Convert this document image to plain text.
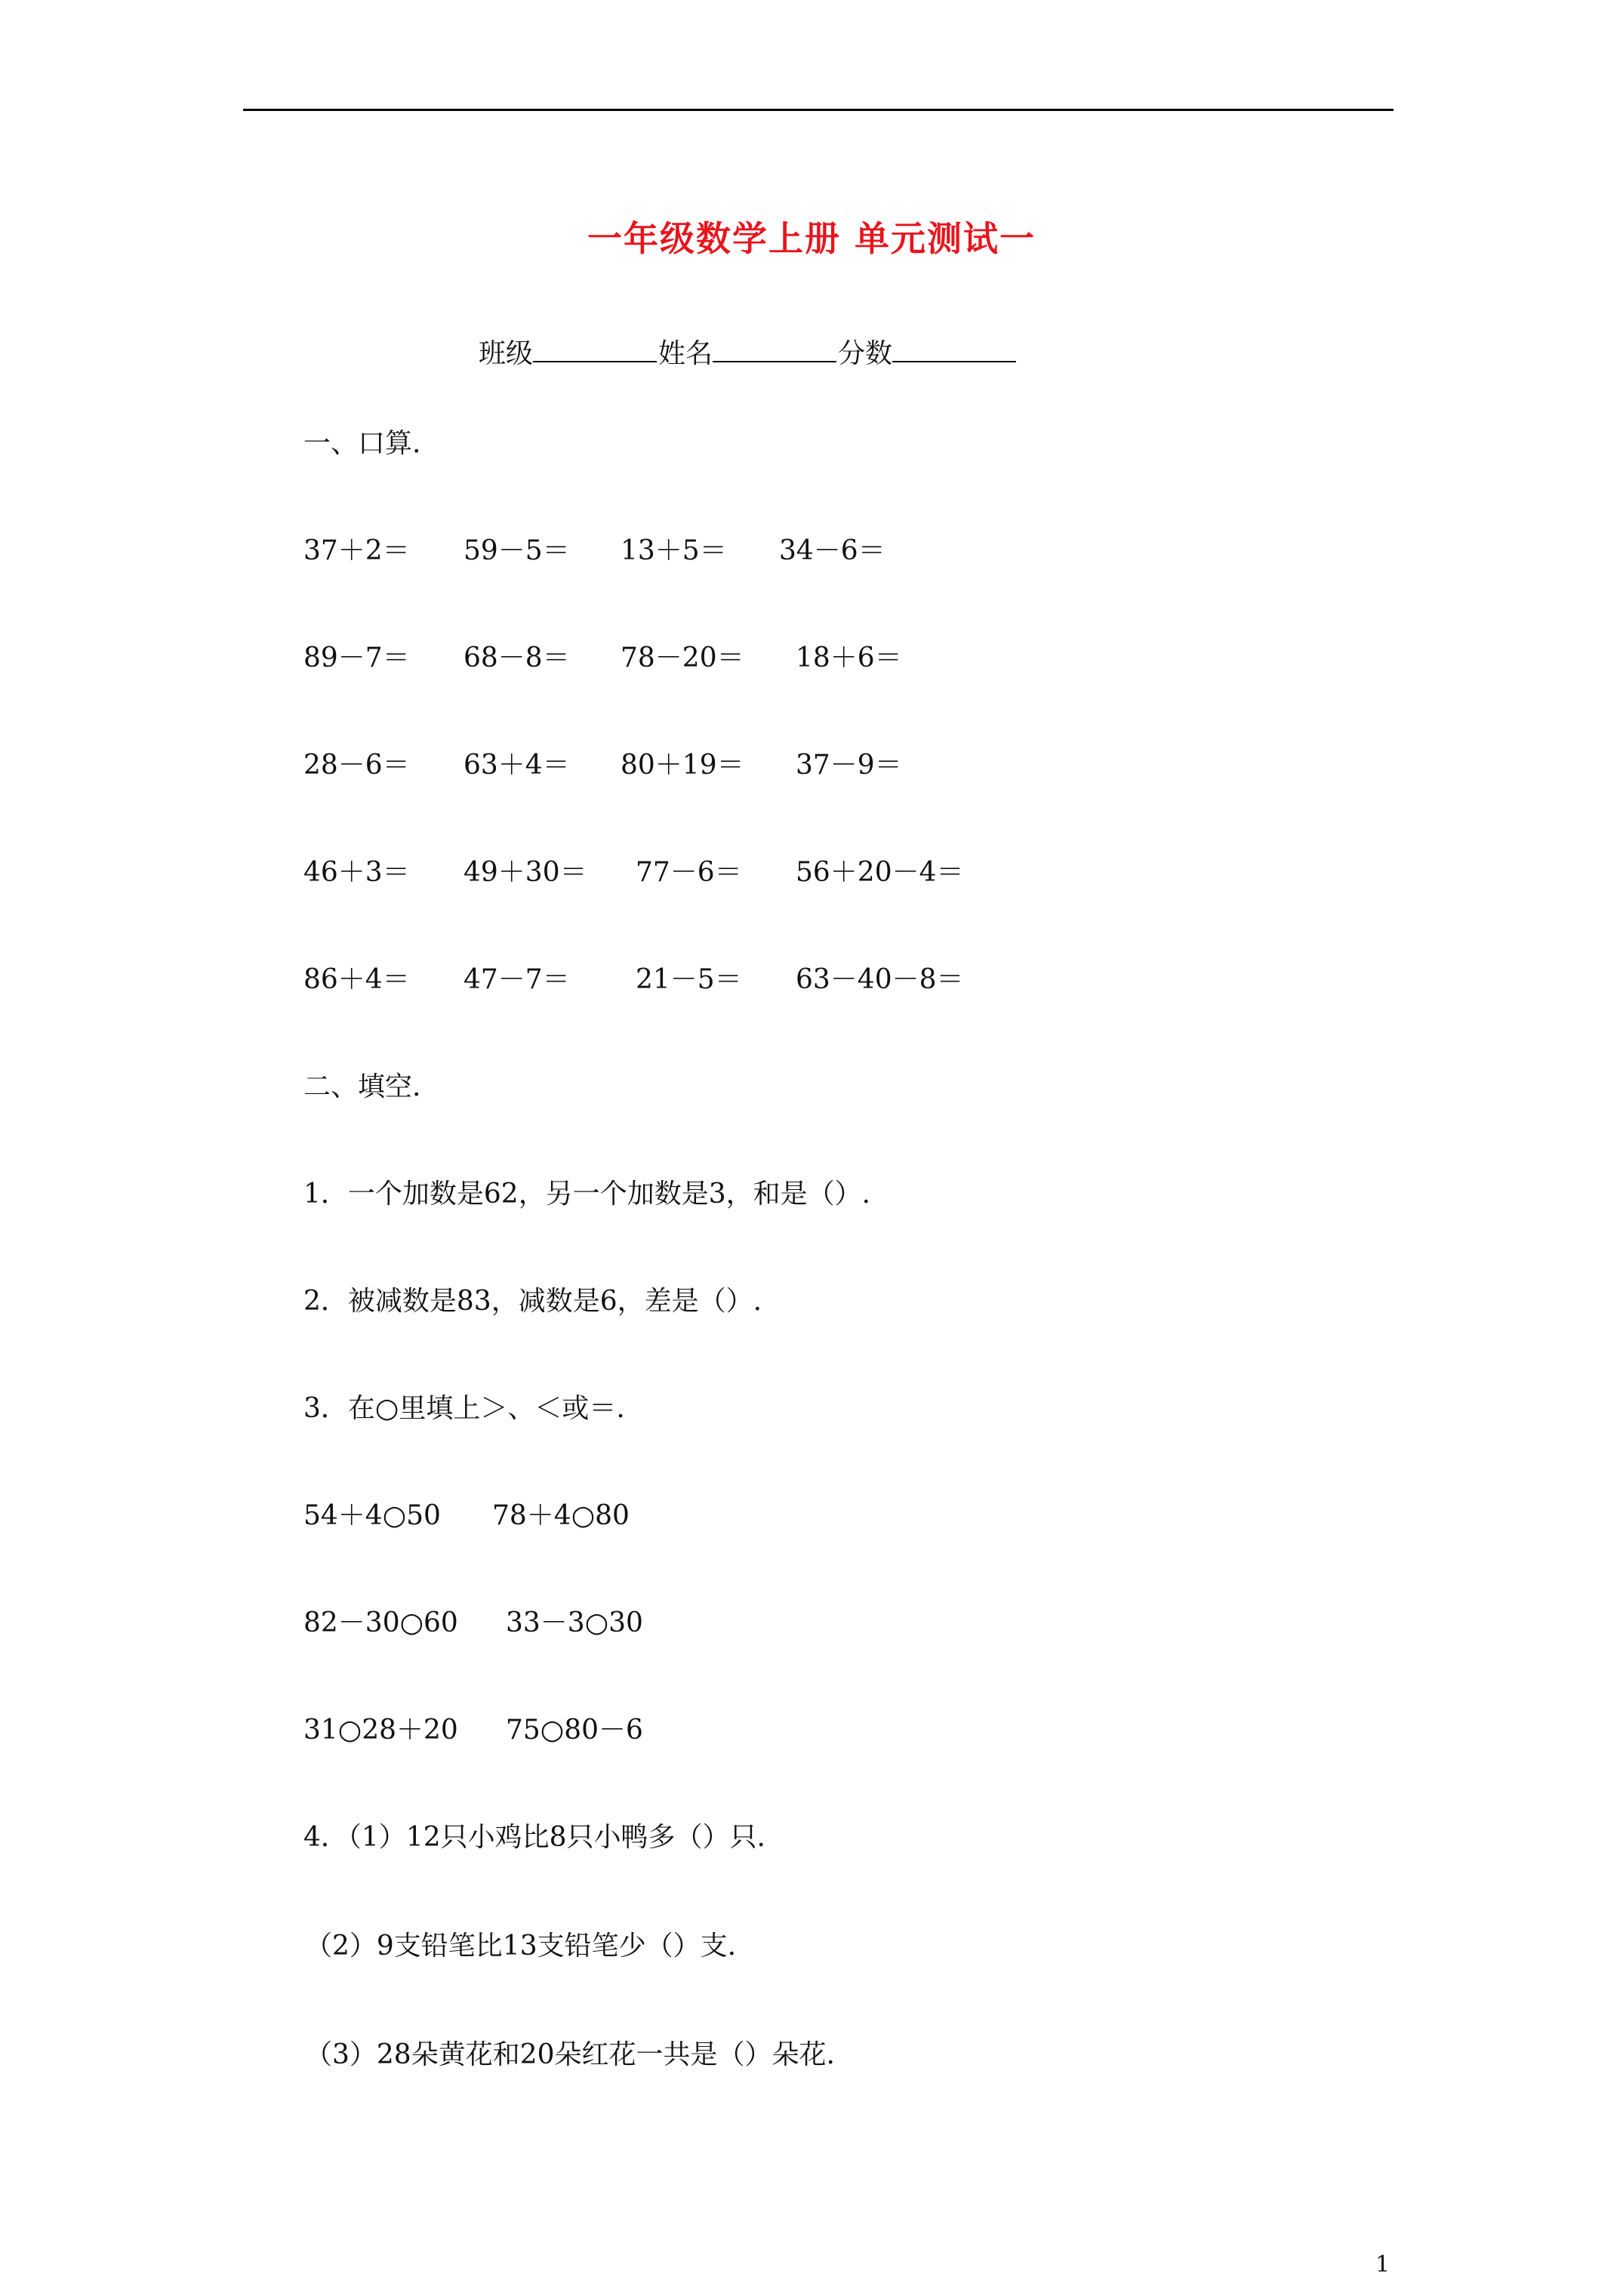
一年级数学上册 单元测试一
班级	姓名	分数
一、口算.
37＋2＝ 59－5＝ 13＋5＝ 34－6＝
89－7＝ 68－8＝ 78－20＝ 18＋6＝
28－6＝ 63＋4＝ 80＋19＝ 37－9＝
46＋3＝ 49＋30＝ 77－6＝ 56＋20－4＝
86＋4＝ 47－7＝ 21－5＝ 63－40－8＝
二、填空.
1．一个加数是62，另一个加数是3，和是（）.
2．被减数是83，减数是6，差是（）.
3．在○里填上＞、＜或＝.
54＋4○50 78＋4○80
82－30○60 33－3○30
31○28＋20 75○80－6
4．（1）12只小鸡比8只小鸭多（）只.
（2）9支铅笔比13支铅笔少（）支.
（3）28朵黄花和20朵红花一共是（）朵花.
1
